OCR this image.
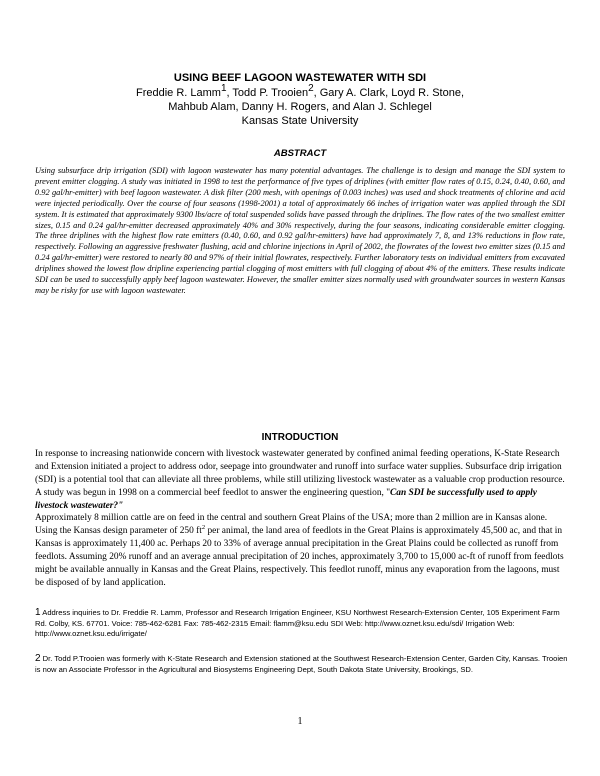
USING BEEF LAGOON WASTEWATER WITH SDI
Freddie R. Lamm$^1$, Todd P. Trooien$^2$, Gary A. Clark, Loyd R. Stone,
Mahbub Alam, Danny H. Rogers, and Alan J. Schlegel
Kansas State University
ABSTRACT
Using subsurface drip irrigation (SDI) with lagoon wastewater has many potential advantages. The challenge is to design and manage the SDI system to prevent emitter clogging. A study was initiated in 1998 to test the performance of five types of driplines (with emitter flow rates of 0.15, 0.24, 0.40, 0.60, and 0.92 gal/hr-emitter) with beef lagoon wastewater. A disk filter (200 mesh, with openings of 0.003 inches) was used and shock treatments of chlorine and acid were injected periodically. Over the course of four seasons (1998-2001) a total of approximately 66 inches of irrigation water was applied through the SDI system. It is estimated that approximately 9300 lbs/acre of total suspended solids have passed through the driplines. The flow rates of the two smallest emitter sizes, 0.15 and 0.24 gal/hr-emitter decreased approximately 40% and 30% respectively, during the four seasons, indicating considerable emitter clogging. The three driplines with the highest flow rate emitters (0.40, 0.60, and 0.92 gal/hr-emitters) have had approximately 7, 8, and 13% reductions in flow rate, respectively. Following an aggressive freshwater flushing, acid and chlorine injections in April of 2002, the flowrates of the lowest two emitter sizes (0.15 and 0.24 gal/hr-emitter) were restored to nearly 80 and 97% of their initial flowrates, respectively. Further laboratory tests on individual emitters from excavated driplines showed the lowest flow dripline experiencing partial clogging of most emitters with full clogging of about 4% of the emitters. These results indicate SDI can be used to successfully apply beef lagoon wastewater. However, the smaller emitter sizes normally used with groundwater sources in western Kansas may be risky for use with lagoon wastewater.
INTRODUCTION
In response to increasing nationwide concern with livestock wastewater generated by confined animal feeding operations, K-State Research and Extension initiated a project to address odor, seepage into groundwater and runoff into surface water supplies. Subsurface drip irrigation (SDI) is a potential tool that can alleviate all three problems, while still utilizing livestock wastewater as a valuable crop production resource. A study was begun in 1998 on a commercial beef feedlot to answer the engineering question, "Can SDI be successfully used to apply livestock wastewater?"
Approximately 8 million cattle are on feed in the central and southern Great Plains of the USA; more than 2 million are in Kansas alone. Using the Kansas design parameter of 250 $ft^2$ per animal, the land area of feedlots in the Great Plains is approximately 45,500 ac, and that in Kansas is approximately 11,400 ac. Perhaps 20 to 33% of average annual precipitation in the Great Plains could be collected as runoff from feedlots. Assuming 20% runoff and an average annual precipitation of 20 inches, approximately 3,700 to 15,000 ac-ft of runoff from feedlots might be available annually in Kansas and the Great Plains, respectively. This feedlot runoff, minus any evaporation from the lagoons, must be disposed of by land application.
1 Address inquiries to Dr. Freddie R. Lamm, Professor and Research Irrigation Engineer, KSU Northwest Research-Extension Center, 105 Experiment Farm Rd. Colby, KS. 67701. Voice: 785-462-6281 Fax: 785-462-2315 Email: flamm@ksu.edu SDI Web: http://www.oznet.ksu.edu/sdi/ Irrigation Web: http://www.oznet.ksu.edu/irrigate/
2 Dr. Todd P.Trooien was formerly with K-State Research and Extension stationed at the Southwest Research-Extension Center, Garden City, Kansas. Trooien is now an Associate Professor in the Agricultural and Biosystems Engineering Dept, South Dakota State University, Brookings, SD.
1
